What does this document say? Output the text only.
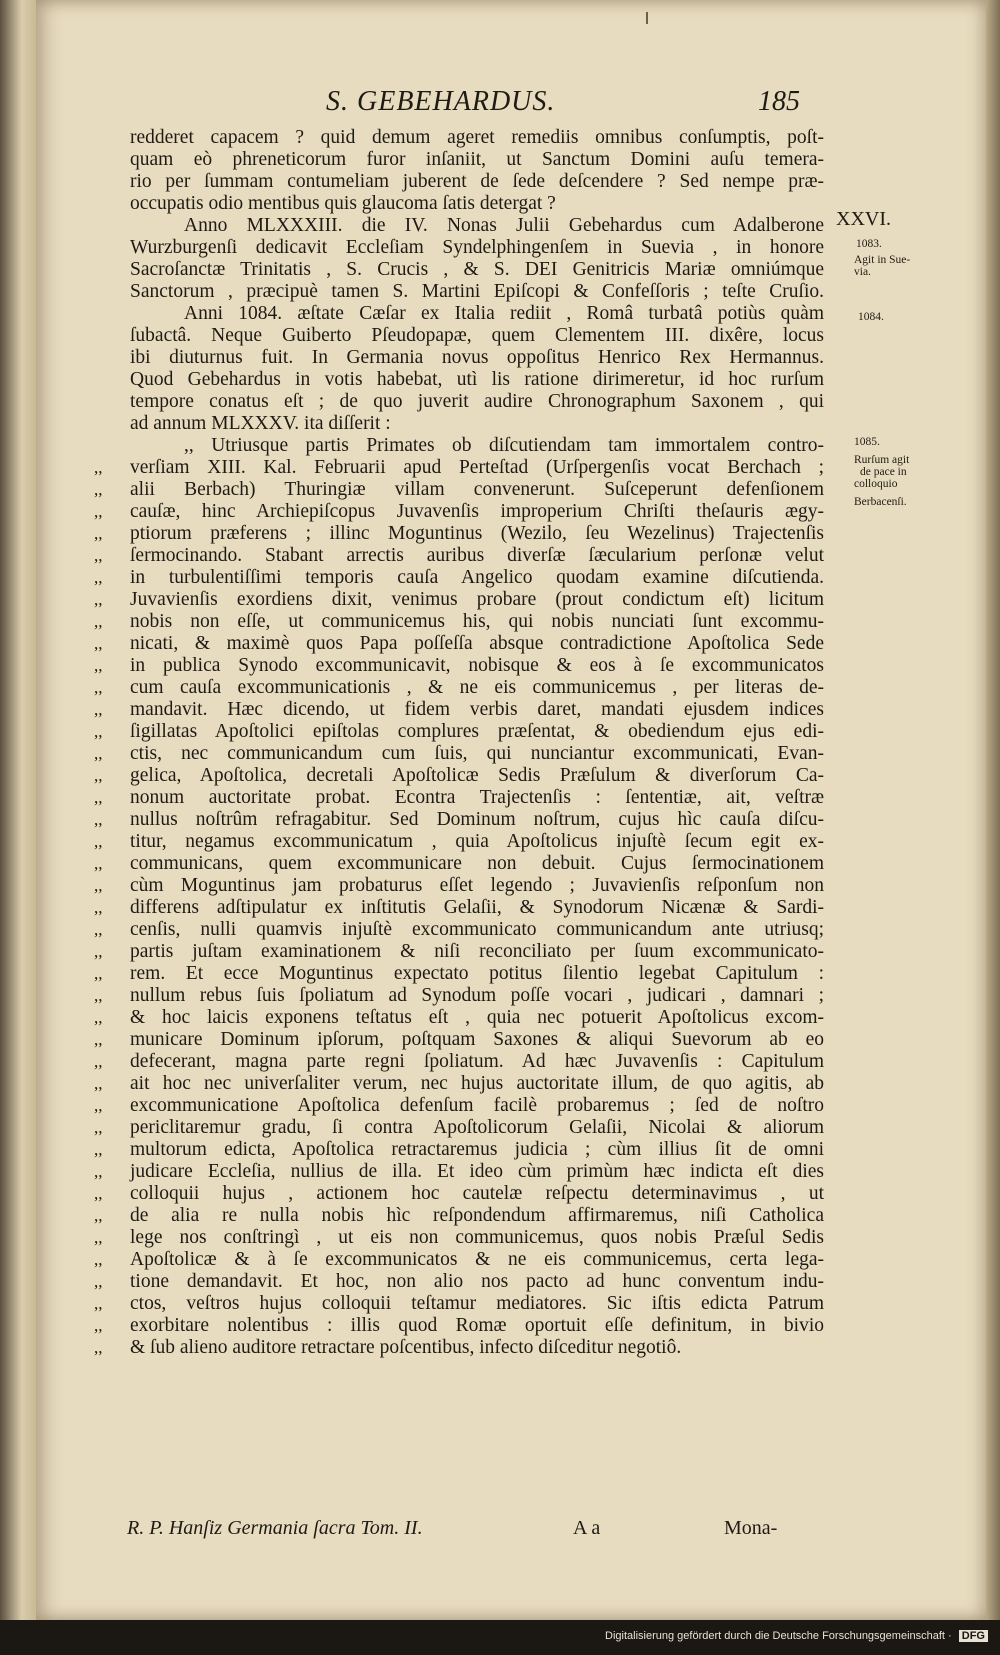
S. GEBEHARDUS.	185
redderet capacem ? quid demum ageret remediis omnibus conſumptis, poſt-
quam eò phreneticorum furor inſaniit, ut Sanctum Domini auſu temera-
rio per ſummam contumeliam juberent de ſede deſcendere ? Sed nempe præ-
occupatis odio mentibus quis glaucoma ſatis detergat ?
Anno MLXXXIII. die IV. Nonas Julii Gebehardus cum Adalberone
Wurzburgenſi dedicavit Eccleſiam Syndelphingenſem in Suevia , in honore
Sacroſanctæ Trinitatis , S. Crucis , & S. DEI Genitricis Mariæ omniúmque
Sanctorum , præcipuè tamen S. Martini Epiſcopi & Confeſſoris ; teſte Cruſio.
Anni 1084. æſtate Cæſar ex Italia rediit , Româ turbatâ potiùs quàm
ſubactâ. Neque Guiberto Pſeudopapæ, quem Clementem III. dixêre, locus
ibi diuturnus fuit. In Germania novus oppoſitus Henrico Rex Hermannus.
Quod Gebehardus in votis habebat, utì lis ratione dirimeretur, id hoc rurſum
tempore conatus eſt ; de quo juverit audire Chronographum Saxonem , qui
ad annum MLXXXV. ita diſſerit :
,, Utriusque partis Primates ob diſcutiendam tam immortalem contro-
,,	verſiam XIII. Kal. Februarii apud Perteſtad (Urſpergenſis vocat Berchach ;
,,	alii Berbach) Thuringiæ villam convenerunt. Suſceperunt defenſionem
,,	cauſæ, hinc Archiepiſcopus Juvavenſis improperium Chriſti theſauris ægy-
,,	ptiorum præferens ; illinc Moguntinus (Wezilo, ſeu Wezelinus) Trajectenſis
,,	ſermocinando. Stabant arrectis auribus diverſæ ſæcularium perſonæ velut
,,	in turbulentiſſimi temporis cauſa Angelico quodam examine diſcutienda.
,,	Juvavienſis exordiens dixit, venimus probare (prout condictum eſt) licitum
,,	nobis non eſſe, ut communicemus his, qui nobis nunciati ſunt excommu-
,,	nicati, & maximè quos Papa poſſeſſa absque contradictione Apoſtolica Sede
,,	in publica Synodo excommunicavit, nobisque & eos à ſe excommunicatos
,,	cum cauſa excommunicationis , & ne eis communicemus , per literas de-
,,	mandavit. Hæc dicendo, ut fidem verbis daret, mandati ejusdem indices
,,	ſigillatas Apoſtolici epiſtolas complures præſentat, & obediendum ejus edi-
,,	ctis, nec communicandum cum ſuis, qui nunciantur excommunicati, Evan-
,,	gelica, Apoſtolica, decretali Apoſtolicæ Sedis Præſulum & diverſorum Ca-
,,	nonum auctoritate probat. Econtra Trajectenſis : ſententiæ, ait, veſtræ
,,	nullus noſtrûm refragabitur. Sed Dominum noſtrum, cujus hìc cauſa diſcu-
,,	titur, negamus excommunicatum , quia Apoſtolicus injuſtè ſecum egit ex-
,,	communicans, quem excommunicare non debuit. Cujus ſermocinationem
,,	cùm Moguntinus jam probaturus eſſet legendo ; Juvavienſis reſponſum non
,,	differens adſtipulatur ex inſtitutis Gelaſii, & Synodorum Nicænæ & Sardi-
,,	cenſis, nulli quamvis injuſtè excommunicato communicandum ante utriusq;
,,	partis juſtam examinationem & niſi reconciliato per ſuum excommunicato-
,,	rem. Et ecce Moguntinus expectato potitus ſilentio legebat Capitulum :
,,	nullum rebus ſuis ſpoliatum ad Synodum poſſe vocari , judicari , damnari ;
,,	& hoc laicis exponens teſtatus eſt , quia nec potuerit Apoſtolicus excom-
,,	municare Dominum ipſorum, poſtquam Saxones & aliqui Suevorum ab eo
,,	defecerant, magna parte regni ſpoliatum. Ad hæc Juvavenſis : Capitulum
,,	ait hoc nec univerſaliter verum, nec hujus auctoritate illum, de quo agitis, ab
,,	excommunicatione Apoſtolica defenſum facilè probaremus ; ſed de noſtro
,,	periclitaremur gradu, ſi contra Apoſtolicorum Gelaſii, Nicolai & aliorum
,,	multorum edicta, Apoſtolica retractaremus judicia ; cùm illius ſit de omni
,,	judicare Eccleſia, nullius de illa. Et ideo cùm primùm hæc indicta eſt dies
,,	colloquii hujus , actionem hoc cautelæ reſpectu determinavimus , ut
,,	de alia re nulla nobis hìc reſpondendum affirmaremus, niſi Catholica
,,	lege nos conſtringì , ut eis non communicemus, quos nobis Præſul Sedis
,,	Apoſtolicæ & à ſe excommunicatos & ne eis communicemus, certa lega-
,,	tione demandavit. Et hoc, non alio nos pacto ad hunc conventum indu-
,,	ctos, veſtros hujus colloquii teſtamur mediatores. Sic iſtis edicta Patrum
,,	exorbitare nolentibus : illis quod Romæ oportuit eſſe definitum, in bivio
,,	& ſub alieno auditore retractare poſcentibus, infecto diſceditur negotiô.
XXVI.
1083.
Agit in Sue-
via.
1084.
1085.
Rurſum agit
de pace in
colloquio
Berbacenſi.
R. P. Hanſiz Germania ſacra Tom. II.	A a	Mona-
Digitalisierung gefördert durch die Deutsche Forschungsgemeinschaft · DFG
